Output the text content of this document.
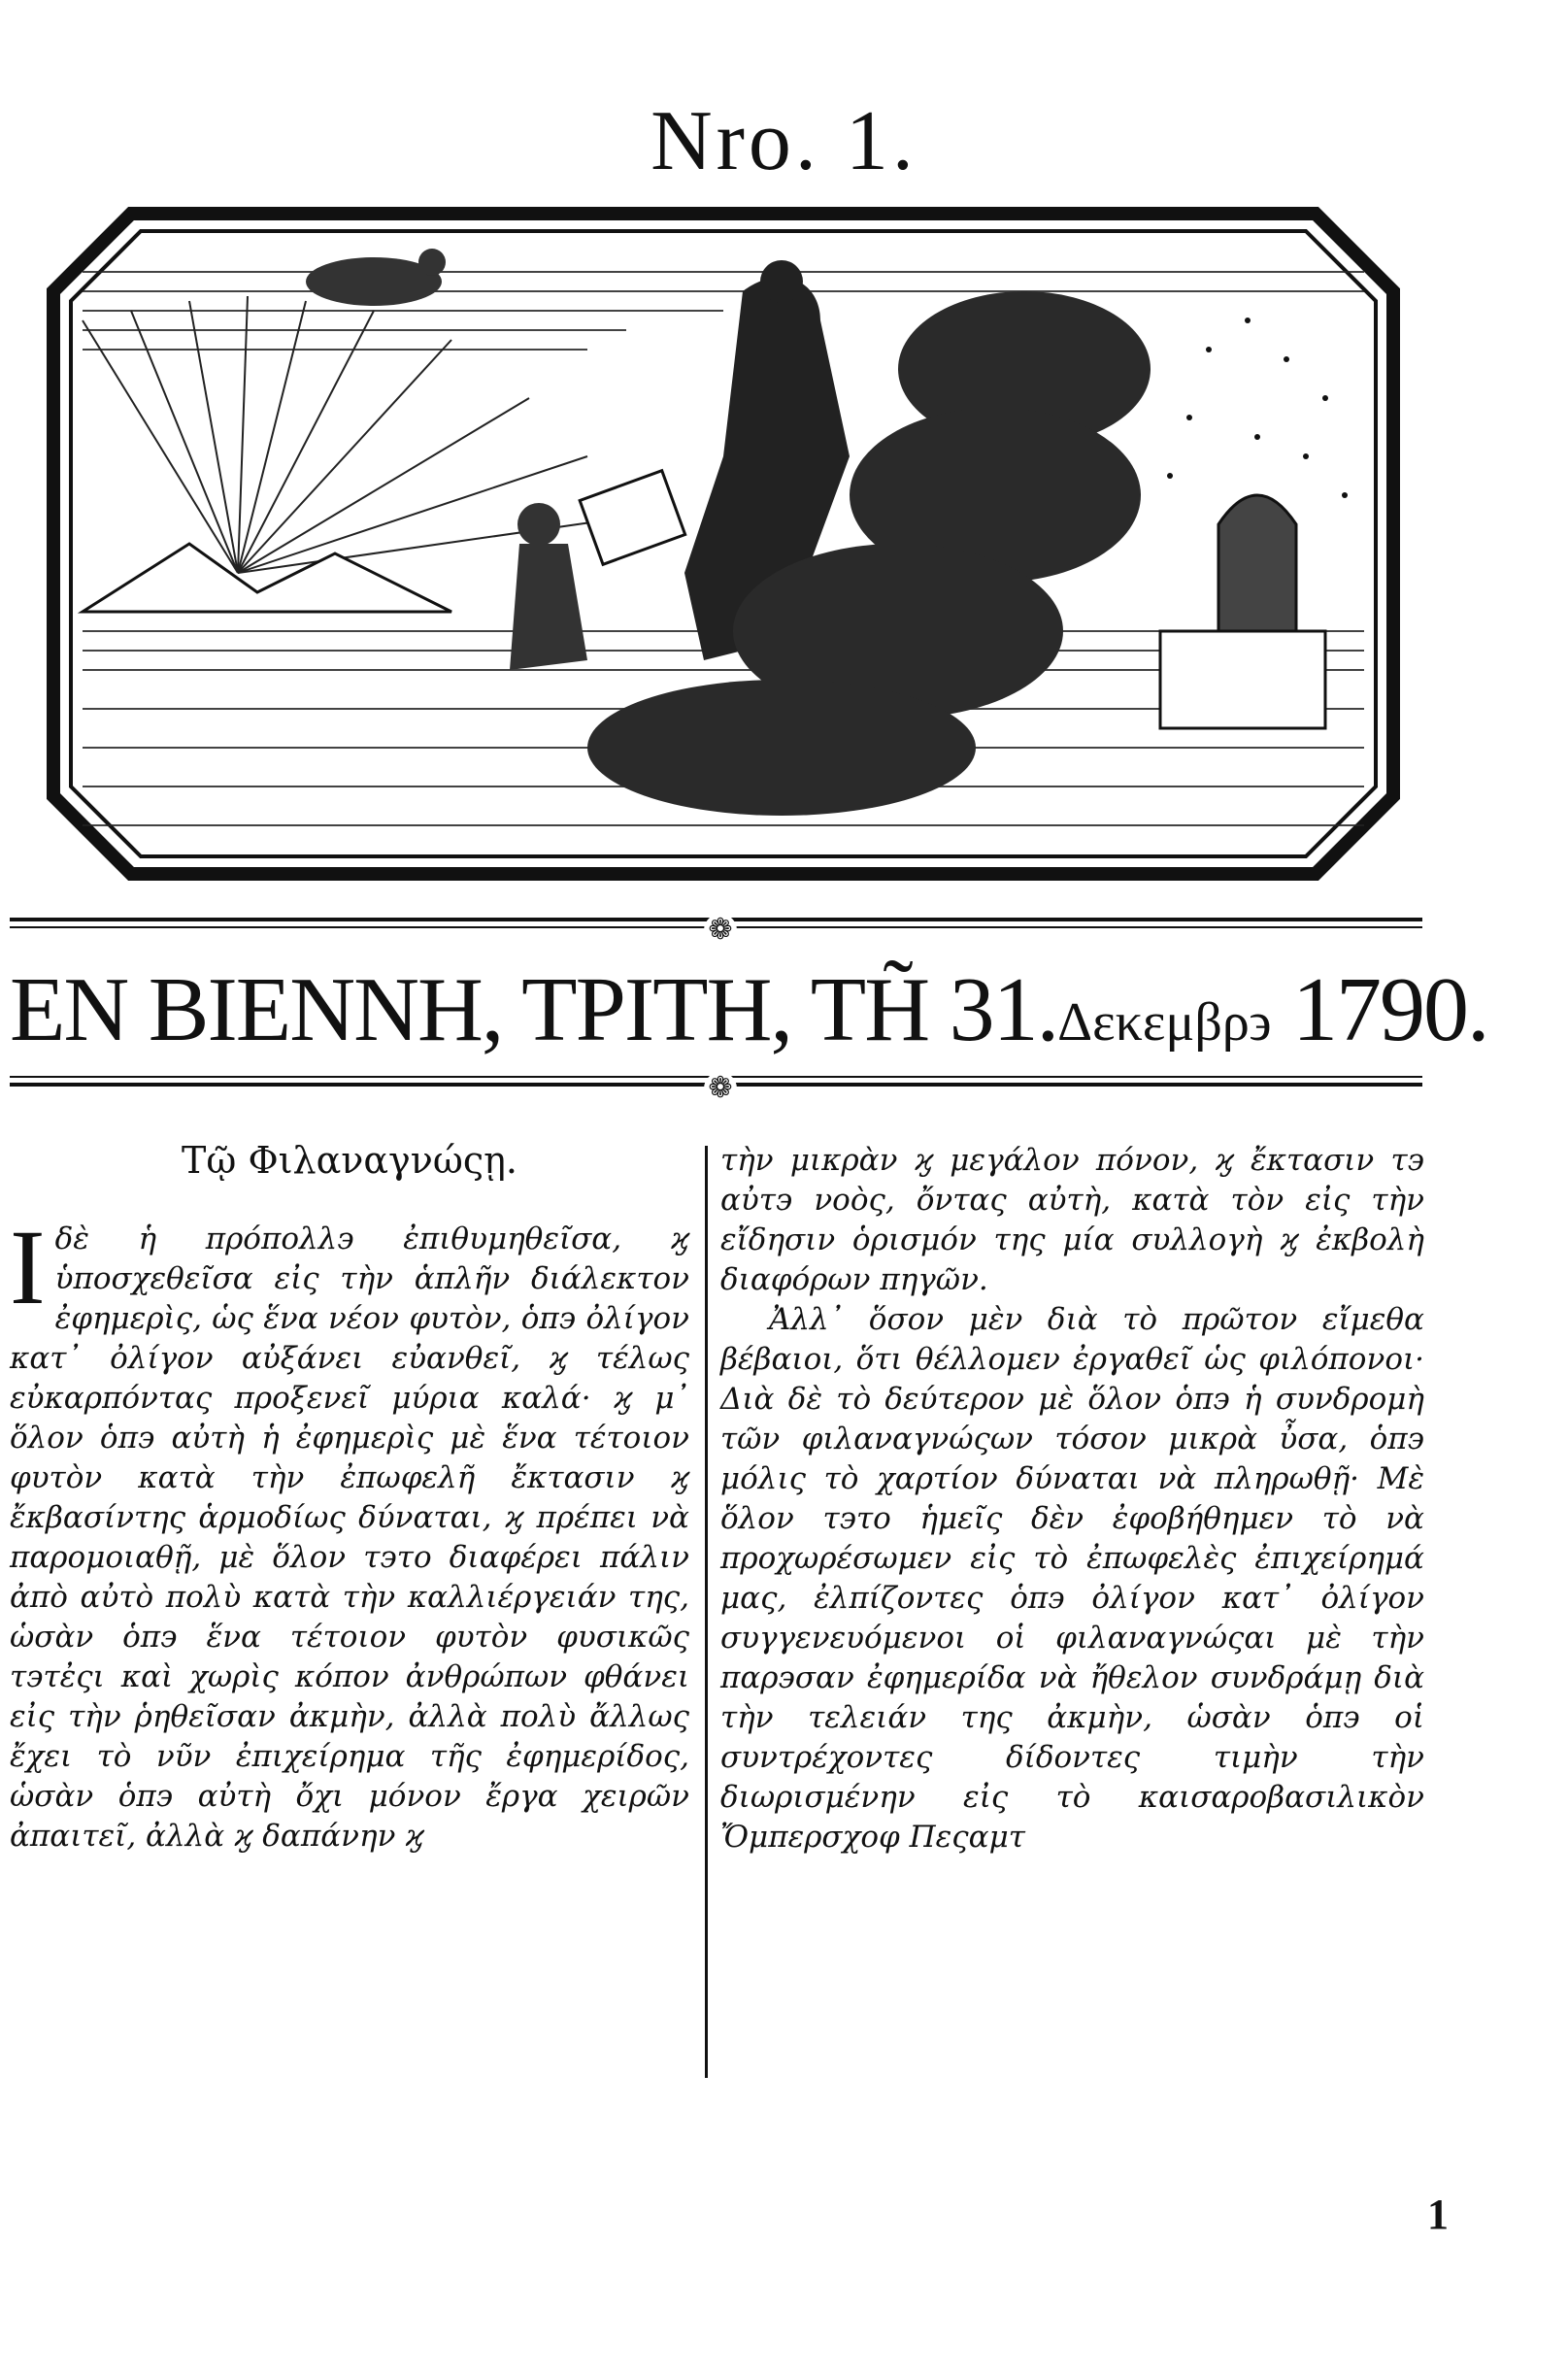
Nro. 1.
❁
EN BIENNH, TPITH, TH̃ 31.Δεκεμβρ϶ 1790.
❁
Τῷ Φιλαναγνώςῃ.
I δὲ ἡ πρόπολλ϶ ἐπιθυμηθεῖσα, ϗ ὑποσχεθεῖσα εἰς τὴν ἁπλῆν διάλεκτον ἐφημερὶς, ὡς ἕνα νέον φυτὸν, ὁπ϶ ὀλίγον κατ᾽ ὀλίγον αὐξάνει εὐανθεῖ, ϗ τέλως εὐκαρπόντας προξενεῖ μύρια καλά· ϗ μ᾽ ὅλον ὁπ϶ αὐτὴ ἡ ἐφημερὶς μὲ ἕνα τέτοιον φυτὸν κατὰ τὴν ἐπωφελῆ ἔκτασιν ϗ ἔκβασίντης ἁρμοδίως δύναται, ϗ πρέπει νὰ παρομοιαθῇ, μὲ ὅλον τ϶το διαφέρει πάλιν ἀπὸ αὐτὸ πολὺ κατὰ τὴν καλλιέργειάν της, ὡσὰν ὁπ϶ ἕνα τέτοιον φυτὸν φυσικῶς τ϶τἐςι καὶ χωρὶς κόπον ἀνθρώπων φθάνει εἰς τὴν ῥηθεῖσαν ἀκμὴν, ἀλλὰ πολὺ ἄλλως ἔχει τὸ νῦν ἐπιχείρημα τῆς ἐφημερίδος, ὡσὰν ὁπ϶ αὐτὴ ὄχι μόνον ἔργα χειρῶν ἀπαιτεῖ, ἀλλὰ ϗ δαπάνην ϗ

τὴν μικρὰν ϗ μεγάλον πόνον, ϗ ἔκτασιν τ϶ αὐτ϶ νοὸς, ὄντας αὐτὴ, κατὰ τὸν εἰς τὴν εἴδησιν ὁρισμόν της μία συλλογὴ ϗ ἐκβολὴ διαφόρων πηγῶν.

Ἀλλ᾽ ὅσον μὲν διὰ τὸ πρῶτον εἴμεθα βέβαιοι, ὅτι θέλλομεν ἐργαθεῖ ὡς φιλόπονοι· Διὰ δὲ τὸ δεύτερον μὲ ὅλον ὁπ϶ ἡ συνδρομὴ τῶν φιλαναγνώςων τόσον μικρὰ ὖσα, ὁπ϶ μόλις τὸ χαρτίον δύναται νὰ πληρωθῇ· Μὲ ὅλον τ϶το ἡμεῖς δὲν ἐφοβήθημεν τὸ νὰ προχωρέσωμεν εἰς τὸ ἐπωφελὲς ἐπιχείρημά μας, ἐλπίζοντες ὁπ϶ ὀλίγον κατ᾽ ὀλίγον συγγενευόμενοι οἱ φιλαναγνώςαι μὲ τὴν παρ϶σαν ἐφημερίδα νὰ ἤθελον συνδράμῃ διὰ τὴν τελειάν της ἀκμὴν, ὡσὰν ὁπ϶ οἱ συντρέχοντες δίδοντες τιμὴν τὴν διωρισμένην εἰς τὸ καισαροβασιλικὸν Ὄμπερσχοφ Πεςαμτ

1
